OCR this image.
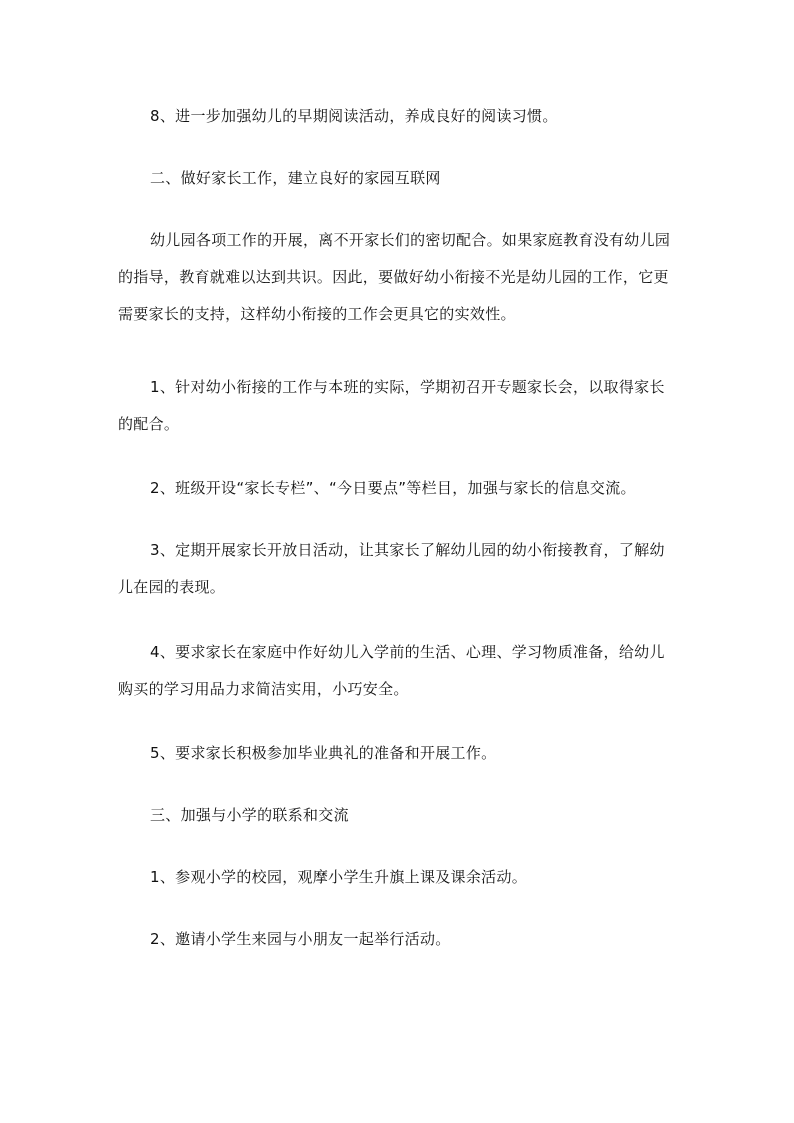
8、进一步加强幼儿的早期阅读活动，养成良好的阅读习惯。

二、做好家长工作，建立良好的家园互联网

幼儿园各项工作的开展，离不开家长们的密切配合。如果家庭教育没有幼儿园的指导，教育就难以达到共识。因此，要做好幼小衔接不光是幼儿园的工作，它更需要家长的支持，这样幼小衔接的工作会更具它的实效性。

1、针对幼小衔接的工作与本班的实际，学期初召开专题家长会，以取得家长的配合。

2、班级开设“家长专栏”、“今日要点”等栏目，加强与家长的信息交流。

3、定期开展家长开放日活动，让其家长了解幼儿园的幼小衔接教育，了解幼儿在园的表现。

4、要求家长在家庭中作好幼儿入学前的生活、心理、学习物质准备，给幼儿购买的学习用品力求简洁实用，小巧安全。

5、要求家长积极参加毕业典礼的准备和开展工作。

三、加强与小学的联系和交流

1、参观小学的校园，观摩小学生升旗上课及课余活动。

2、邀请小学生来园与小朋友一起举行活动。
